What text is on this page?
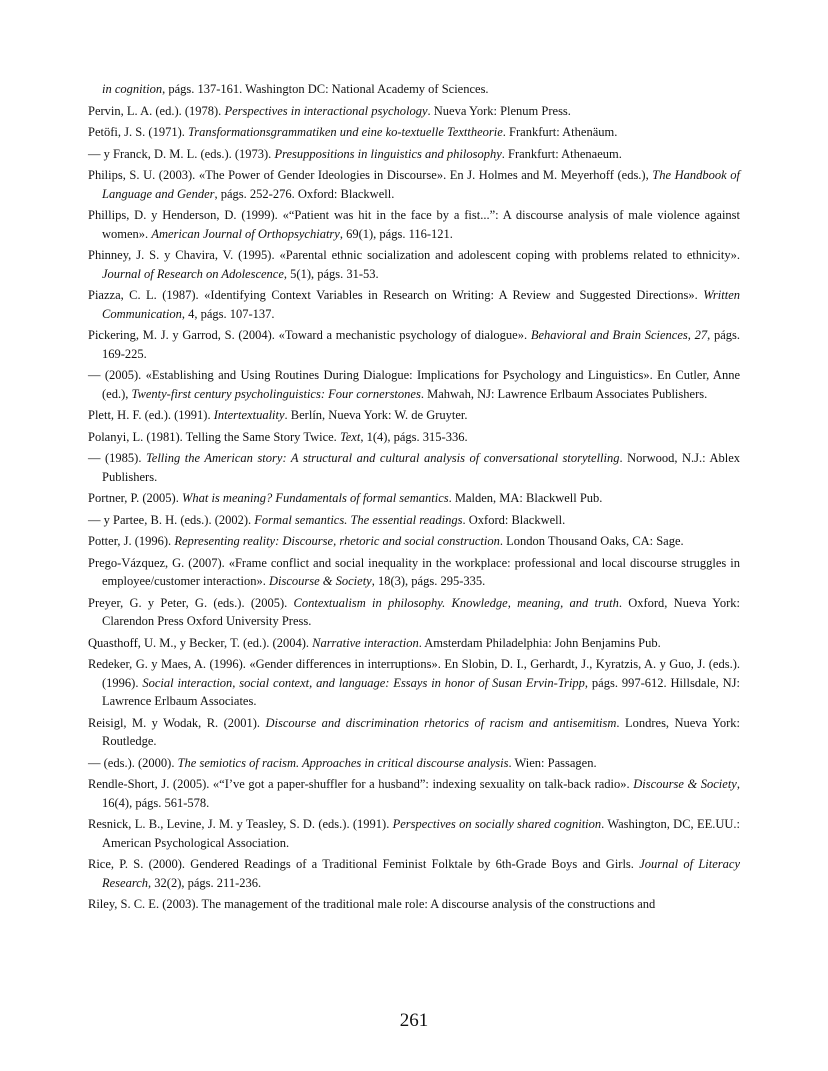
in cognition, págs. 137-161. Washington DC: National Academy of Sciences.
Pervin, L. A. (ed.). (1978). Perspectives in interactional psychology. Nueva York: Plenum Press.
Petöfi, J. S. (1971). Transformationsgrammatiken und eine ko-textuelle Texttheorie. Frankfurt: Athenäum.
— y Franck, D. M. L. (eds.). (1973). Presuppositions in linguistics and philosophy. Frankfurt: Athenaeum.
Philips, S. U. (2003). «The Power of Gender Ideologies in Discourse». En J. Holmes and M. Meyerhoff (eds.), The Handbook of Language and Gender, págs. 252-276. Oxford: Blackwell.
Phillips, D. y Henderson, D. (1999). «“Patient was hit in the face by a fist...”: A discourse analysis of male violence against women». American Journal of Orthopsychiatry, 69(1), págs. 116-121.
Phinney, J. S. y Chavira, V. (1995). «Parental ethnic socialization and adolescent coping with problems related to ethnicity». Journal of Research on Adolescence, 5(1), págs. 31-53.
Piazza, C. L. (1987). «Identifying Context Variables in Research on Writing: A Review and Suggested Directions». Written Communication, 4, págs. 107-137.
Pickering, M. J. y Garrod, S. (2004). «Toward a mechanistic psychology of dialogue». Behavioral and Brain Sciences, 27, págs. 169-225.
— (2005). «Establishing and Using Routines During Dialogue: Implications for Psychology and Linguistics». En Cutler, Anne (ed.), Twenty-first century psycholinguistics: Four cornerstones. Mahwah, NJ: Lawrence Erlbaum Associates Publishers.
Plett, H. F. (ed.). (1991). Intertextuality. Berlín, Nueva York: W. de Gruyter.
Polanyi, L. (1981). Telling the Same Story Twice. Text, 1(4), págs. 315-336.
— (1985). Telling the American story: A structural and cultural analysis of conversational storytelling. Norwood, N.J.: Ablex Publishers.
Portner, P. (2005). What is meaning? Fundamentals of formal semantics. Malden, MA: Blackwell Pub.
— y Partee, B. H. (eds.). (2002). Formal semantics. The essential readings. Oxford: Blackwell.
Potter, J. (1996). Representing reality: Discourse, rhetoric and social construction. London Thousand Oaks, CA: Sage.
Prego-Vázquez, G. (2007). «Frame conflict and social inequality in the workplace: professional and local discourse struggles in employee/customer interaction». Discourse & Society, 18(3), págs. 295-335.
Preyer, G. y Peter, G. (eds.). (2005). Contextualism in philosophy. Knowledge, meaning, and truth. Oxford, Nueva York: Clarendon Press Oxford University Press.
Quasthoff, U. M., y Becker, T. (ed.). (2004). Narrative interaction. Amsterdam Philadelphia: John Benjamins Pub.
Redeker, G. y Maes, A. (1996). «Gender differences in interruptions». En Slobin, D. I., Gerhardt, J., Kyratzis, A. y Guo, J. (eds.). (1996). Social interaction, social context, and language: Essays in honor of Susan Ervin-Tripp, págs. 997-612. Hillsdale, NJ: Lawrence Erlbaum Associates.
Reisigl, M. y Wodak, R. (2001). Discourse and discrimination rhetorics of racism and antisemitism. Londres, Nueva York: Routledge.
— (eds.). (2000). The semiotics of racism. Approaches in critical discourse analysis. Wien: Passagen.
Rendle-Short, J. (2005). «“I’ve got a paper-shuffler for a husband”: indexing sexuality on talk-back radio». Discourse & Society, 16(4), págs. 561-578.
Resnick, L. B., Levine, J. M. y Teasley, S. D. (eds.). (1991). Perspectives on socially shared cognition. Washington, DC, EE.UU.: American Psychological Association.
Rice, P. S. (2000). Gendered Readings of a Traditional Feminist Folktale by 6th-Grade Boys and Girls. Journal of Literacy Research, 32(2), págs. 211-236.
Riley, S. C. E. (2003). The management of the traditional male role: A discourse analysis of the constructions and
261
